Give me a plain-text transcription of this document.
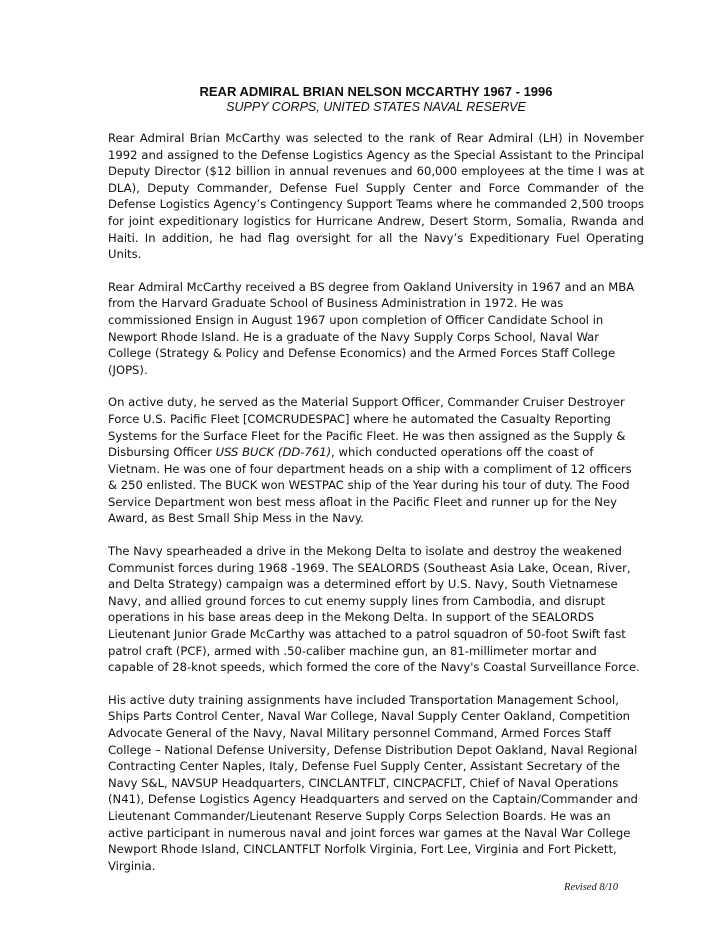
REAR ADMIRAL BRIAN NELSON MCCARTHY 1967 - 1996
SUPPY CORPS, UNITED STATES NAVAL RESERVE

Rear Admiral Brian McCarthy was selected to the rank of Rear Admiral (LH) in November 1992 and assigned to the Defense Logistics Agency as the Special Assistant to the Principal Deputy Director ($12 billion in annual revenues and 60,000 employees at the time I was at DLA), Deputy Commander, Defense Fuel Supply Center and Force Commander of the Defense Logistics Agency’s Contingency Support Teams where he commanded 2,500 troops for joint expeditionary logistics for Hurricane Andrew, Desert Storm, Somalia, Rwanda and Haiti. In addition, he had flag oversight for all the Navy’s Expeditionary Fuel Operating Units.

Rear Admiral McCarthy received a BS degree from Oakland University in 1967 and an MBA from the Harvard Graduate School of Business Administration in 1972. He was commissioned Ensign in August 1967 upon completion of Officer Candidate School in Newport Rhode Island. He is a graduate of the Navy Supply Corps School, Naval War College (Strategy & Policy and Defense Economics) and the Armed Forces Staff College (JOPS).

On active duty, he served as the Material Support Officer, Commander Cruiser Destroyer Force U.S. Pacific Fleet [COMCRUDESPAC] where he automated the Casualty Reporting Systems for the Surface Fleet for the Pacific Fleet. He was then assigned as the Supply & Disbursing Officer USS BUCK (DD-761), which conducted operations off the coast of Vietnam. He was one of four department heads on a ship with a compliment of 12 officers & 250 enlisted. The BUCK won WESTPAC ship of the Year during his tour of duty. The Food Service Department won best mess afloat in the Pacific Fleet and runner up for the Ney Award, as Best Small Ship Mess in the Navy.

The Navy spearheaded a drive in the Mekong Delta to isolate and destroy the weakened Communist forces during 1968 -1969. The SEALORDS (Southeast Asia Lake, Ocean, River, and Delta Strategy) campaign was a determined effort by U.S. Navy, South Vietnamese Navy, and allied ground forces to cut enemy supply lines from Cambodia, and disrupt operations in his base areas deep in the Mekong Delta. In support of the SEALORDS Lieutenant Junior Grade McCarthy was attached to a patrol squadron of 50-foot Swift fast patrol craft (PCF), armed with .50-caliber machine gun, an 81-millimeter mortar and capable of 28-knot speeds, which formed the core of the Navy's Coastal Surveillance Force.

His active duty training assignments have included Transportation Management School, Ships Parts Control Center, Naval War College, Naval Supply Center Oakland, Competition Advocate General of the Navy, Naval Military personnel Command, Armed Forces Staff College – National Defense University, Defense Distribution Depot Oakland, Naval Regional Contracting Center Naples, Italy, Defense Fuel Supply Center, Assistant Secretary of the Navy S&L, NAVSUP Headquarters, CINCLANTFLT, CINCPACFLT, Chief of Naval Operations (N41), Defense Logistics Agency Headquarters and served on the Captain/Commander and Lieutenant Commander/Lieutenant Reserve Supply Corps Selection Boards. He was an active participant in numerous naval and joint forces war games at the Naval War College Newport Rhode Island, CINCLANTFLT Norfolk Virginia, Fort Lee, Virginia and Fort Pickett, Virginia.

Revised 8/10
